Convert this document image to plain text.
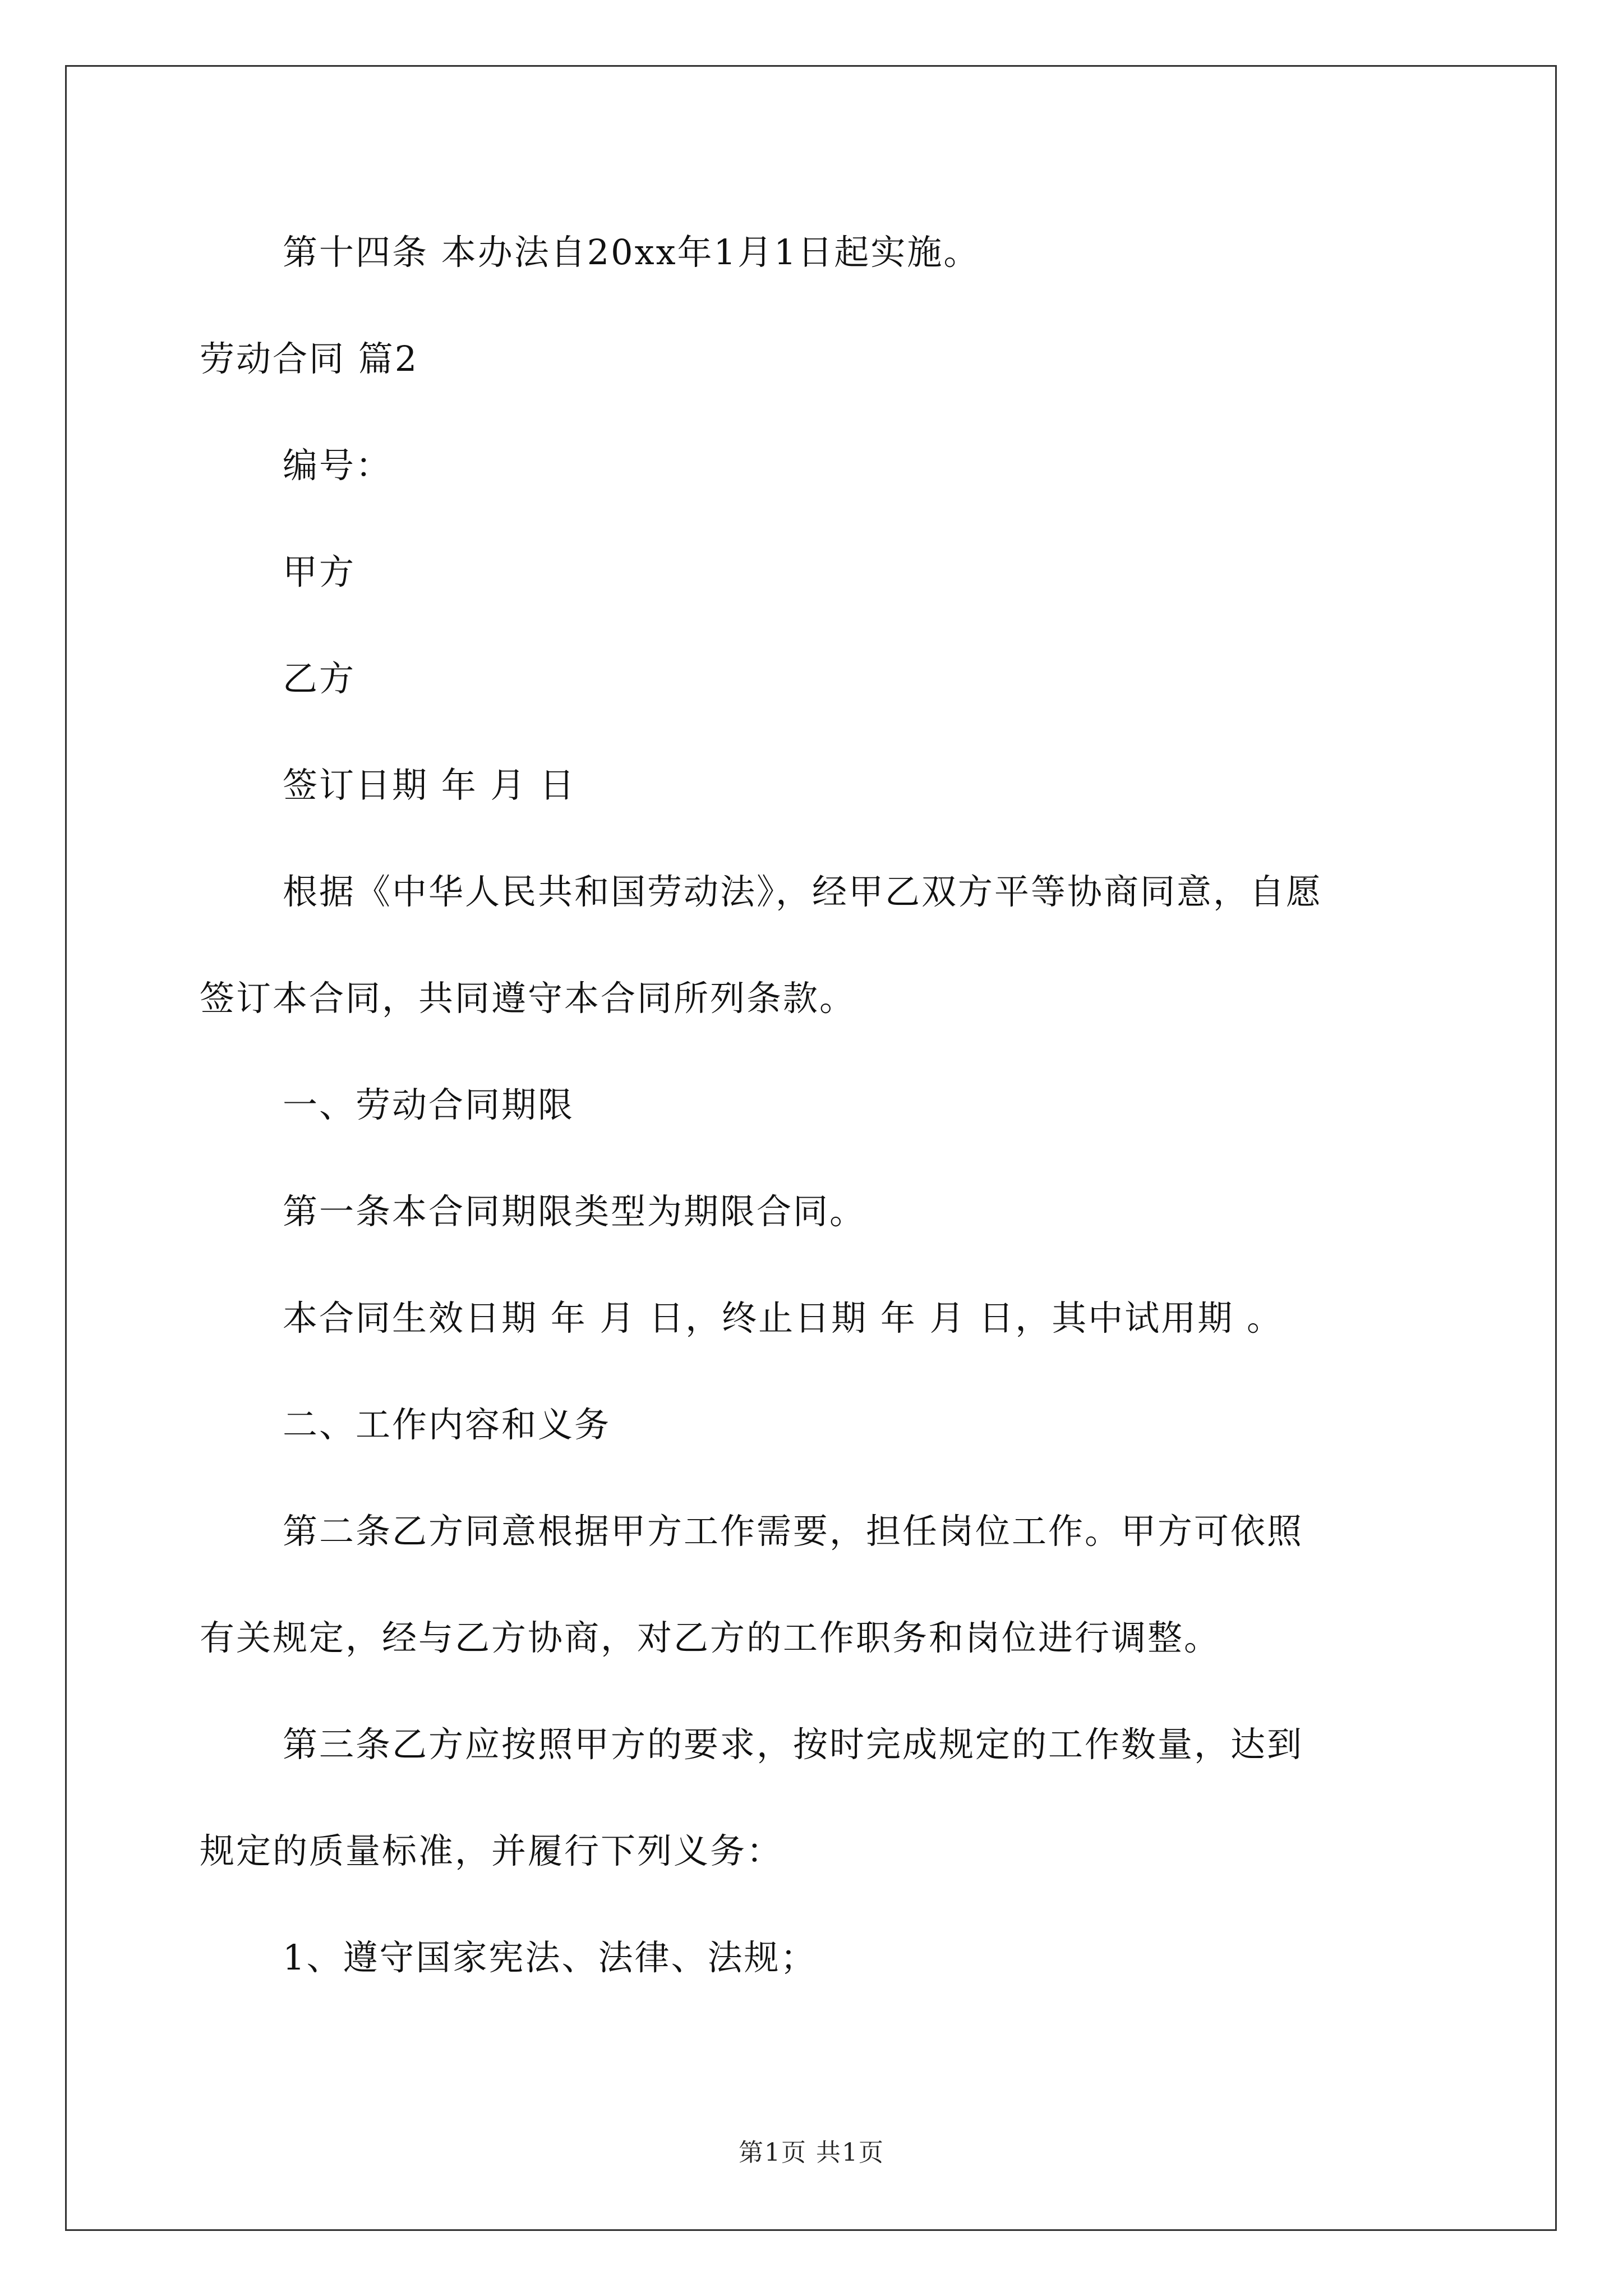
第十四条 本办法自20xx年1月1日起实施。

劳动合同 篇2

编号：

甲方

乙方

签订日期 年 月 日

根据《中华人民共和国劳动法》，经甲乙双方平等协商同意，自愿

签订本合同，共同遵守本合同所列条款。

一、劳动合同期限

第一条本合同期限类型为期限合同。

本合同生效日期 年 月 日，终止日期 年 月 日，其中试用期 。

二、工作内容和义务

第二条乙方同意根据甲方工作需要，担任岗位工作。甲方可依照

有关规定，经与乙方协商，对乙方的工作职务和岗位进行调整。

第三条乙方应按照甲方的要求，按时完成规定的工作数量，达到

规定的质量标准，并履行下列义务：

1、遵守国家宪法、法律、法规；

第1页 共1页
